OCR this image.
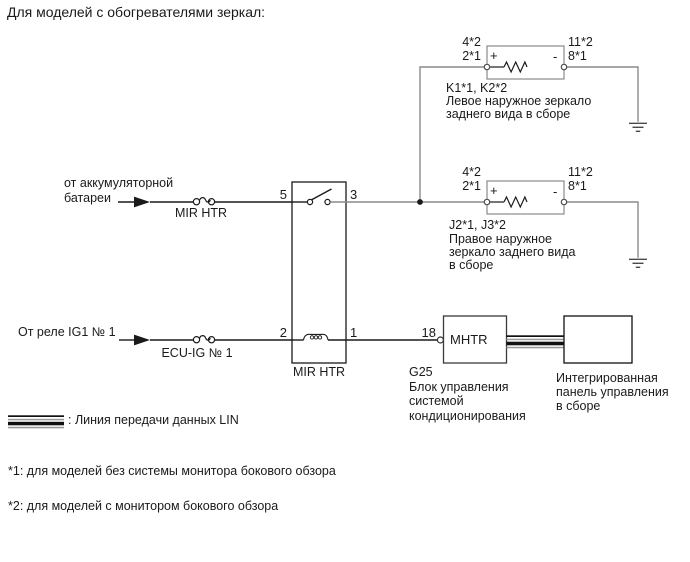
Для моделей с обогревателями зеркал:
от аккумуляторной
батареи
MIR HTR
От реле IG1 № 1
ECU-IG № 1
5	3
2	1
MIR HTR
4*2
2*1
11*2
8*1
+	-
K1*1, K2*2
Левое наружное зеркало
заднего вида в сборе
4*2
2*1
11*2
8*1
+	-
J2*1, J3*2
Правое наружное
зеркало заднего вида
в сборе
18 MHTR
G25
Блок управления
системой
кондиционирования
Интегрированная
панель управления
в сборе
: Линия передачи данных LIN
*1: для моделей без системы монитора бокового обзора
*2: для моделей с монитором бокового обзора
